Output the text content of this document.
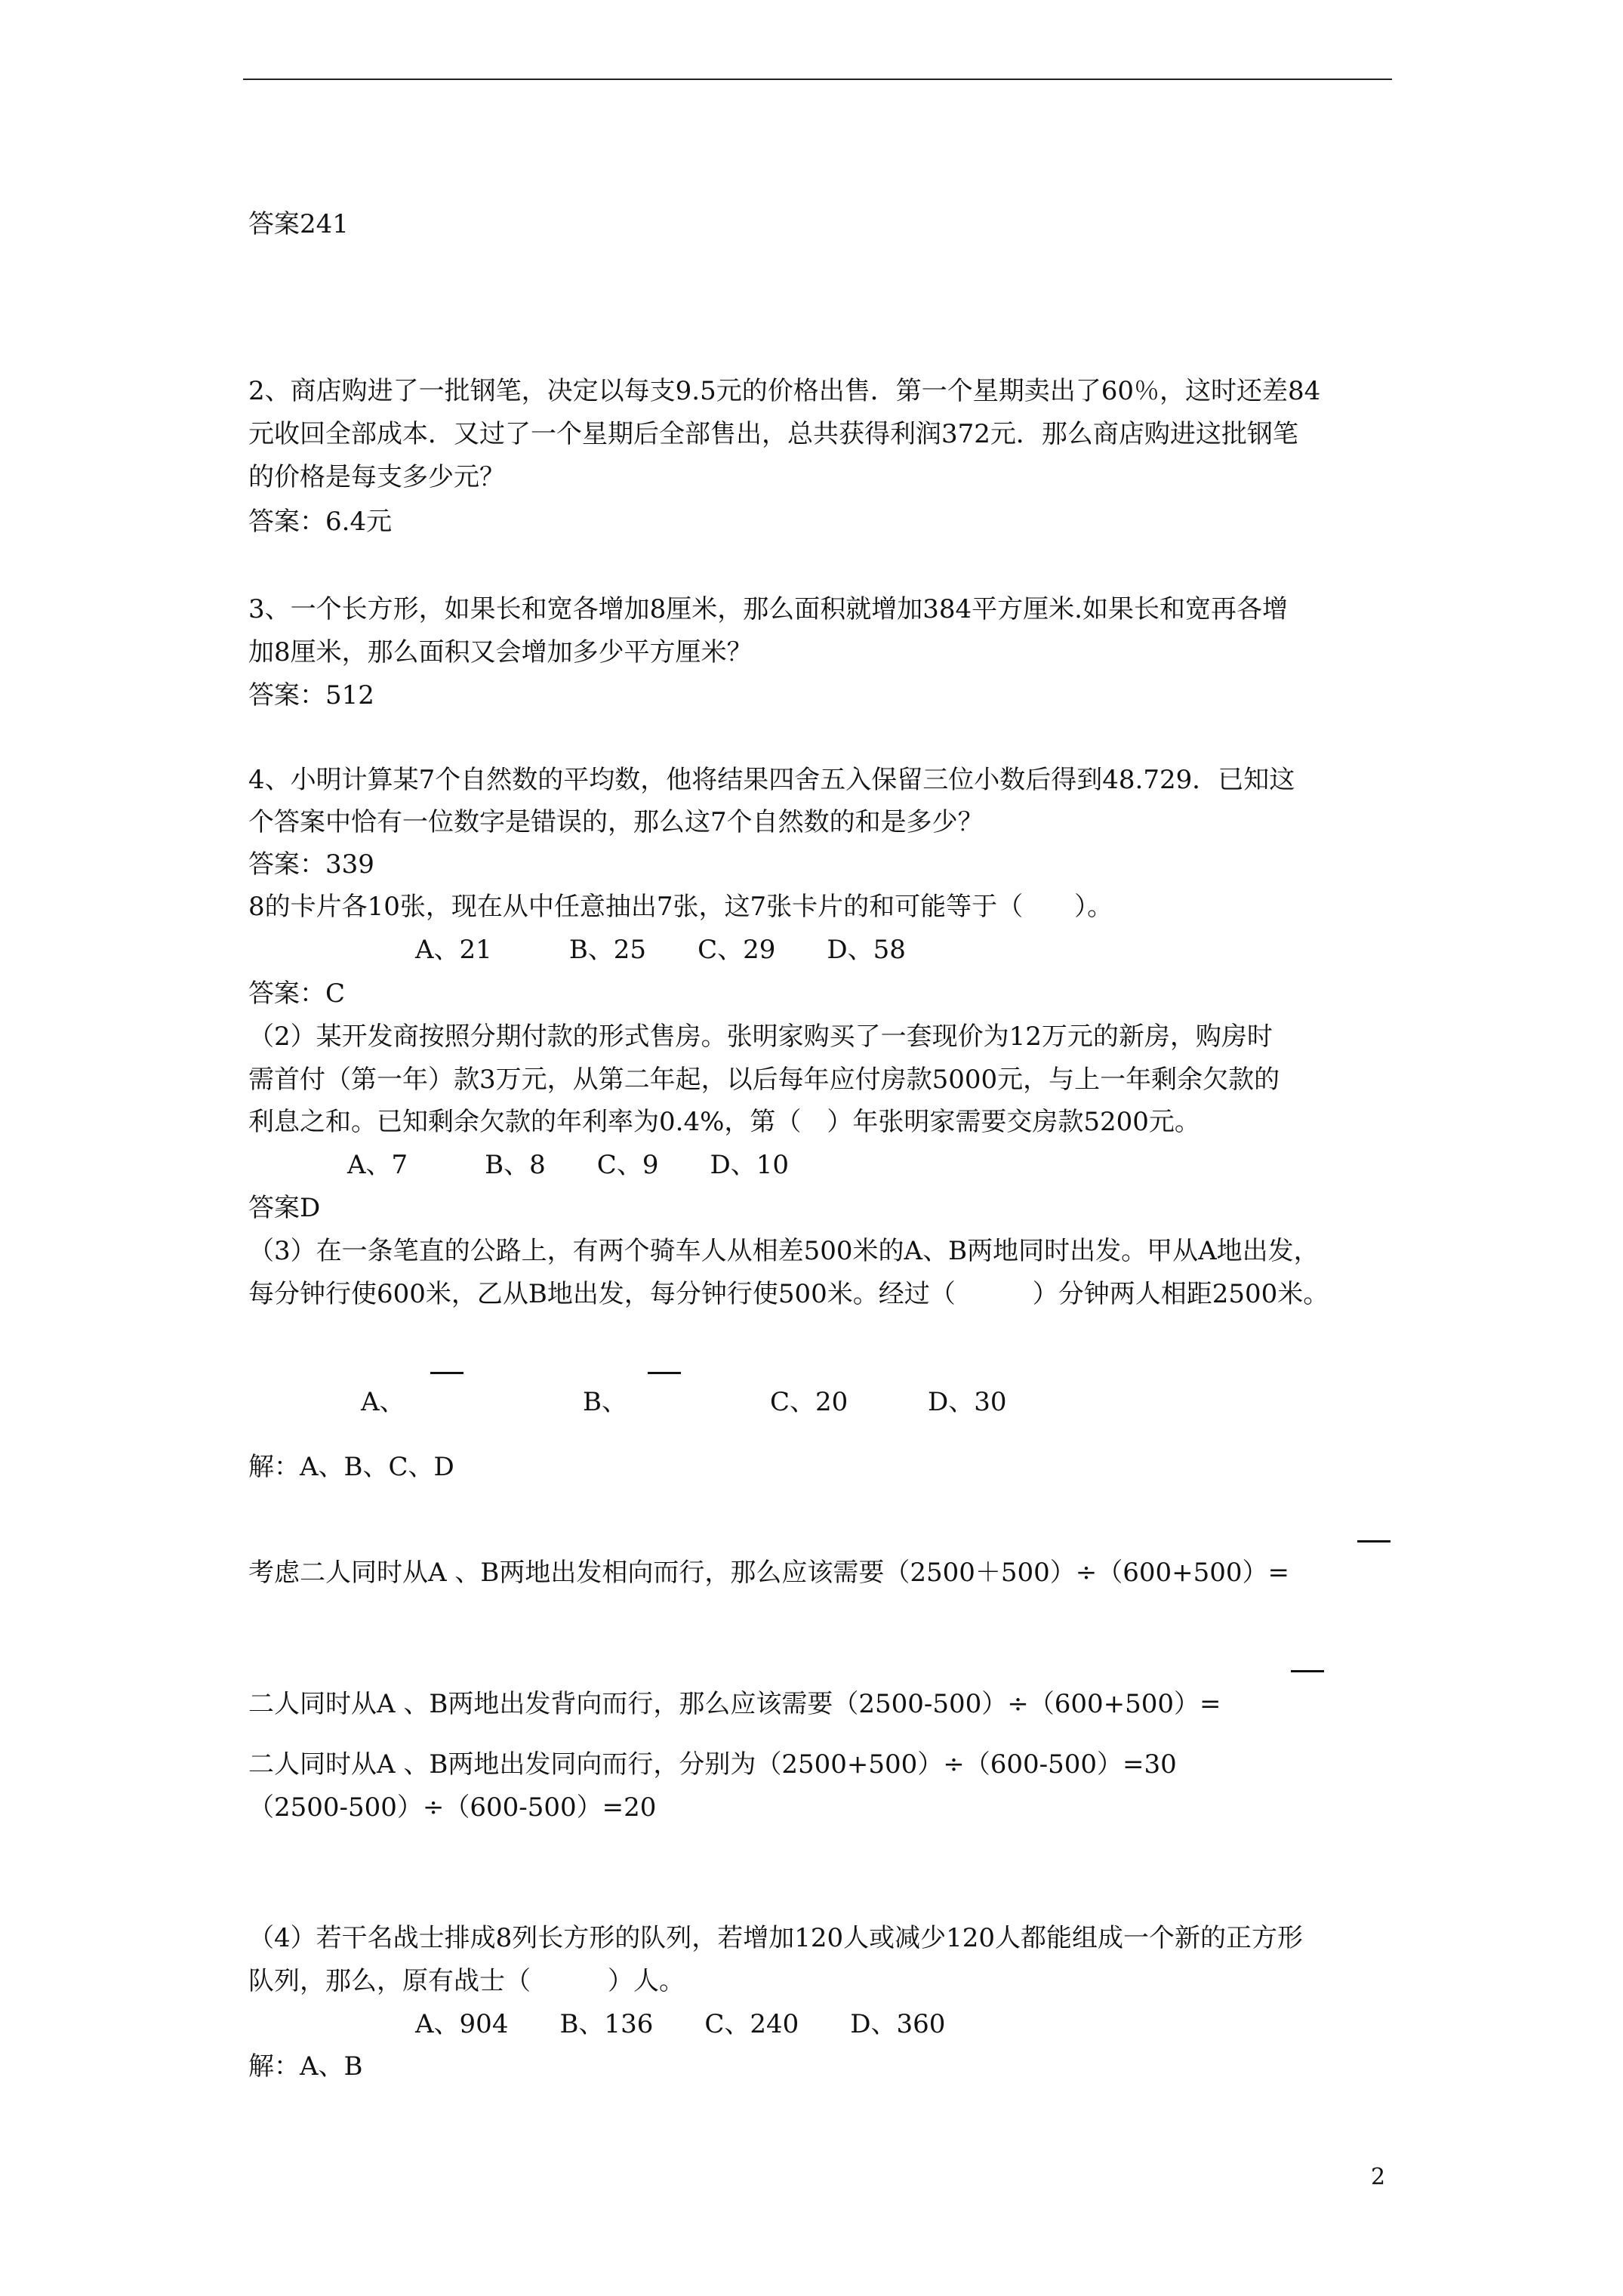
答案241

2、商店购进了一批钢笔，决定以每支9.5元的价格出售．第一个星期卖出了60％，这时还差84

元收回全部成本．又过了一个星期后全部售出，总共获得利润372元．那么商店购进这批钢笔

的价格是每支多少元？

答案：6.4元

3、一个长方形，如果长和宽各增加8厘米，那么面积就增加384平方厘米.如果长和宽再各增

加8厘米，那么面积又会增加多少平方厘米？

答案：512

4、小明计算某7个自然数的平均数，他将结果四舍五入保留三位小数后得到48.729．已知这

个答案中恰有一位数字是错误的，那么这7个自然数的和是多少？

答案：339

8的卡片各10张，现在从中任意抽出7张，这7张卡片的和可能等于（　　）。

A、21　　　B、25　　C、29　　D、58

答案：C

（2）某开发商按照分期付款的形式售房。张明家购买了一套现价为12万元的新房，购房时

需首付（第一年）款3万元，从第二年起，以后每年应付房款5000元，与上一年剩余欠款的

利息之和。已知剩余欠款的年利率为0.4%，第（　）年张明家需要交房款5200元。

A、7　　　B、8　　C、9　　D、10

答案D

（3）在一条笔直的公路上，有两个骑车人从相差500米的A、B两地同时出发。甲从A地出发，

每分钟行使600米，乙从B地出发，每分钟行使500米。经过（　　　）分钟两人相距2500米。

A、	B、	C、20	D、30

解：A、B、C、D

考虑二人同时从A 、B两地出发相向而行，那么应该需要（2500＋500）÷（600+500）=

二人同时从A 、B两地出发背向而行，那么应该需要（2500-500）÷（600+500）=

二人同时从A 、B两地出发同向而行，分别为（2500+500）÷（600-500）=30

（2500-500）÷（600-500）=20

（4）若干名战士排成8列长方形的队列，若增加120人或减少120人都能组成一个新的正方形

队列，那么，原有战士（　　　）人。

A、904　　B、136　　C、240　　D、360

解：A、B

2
